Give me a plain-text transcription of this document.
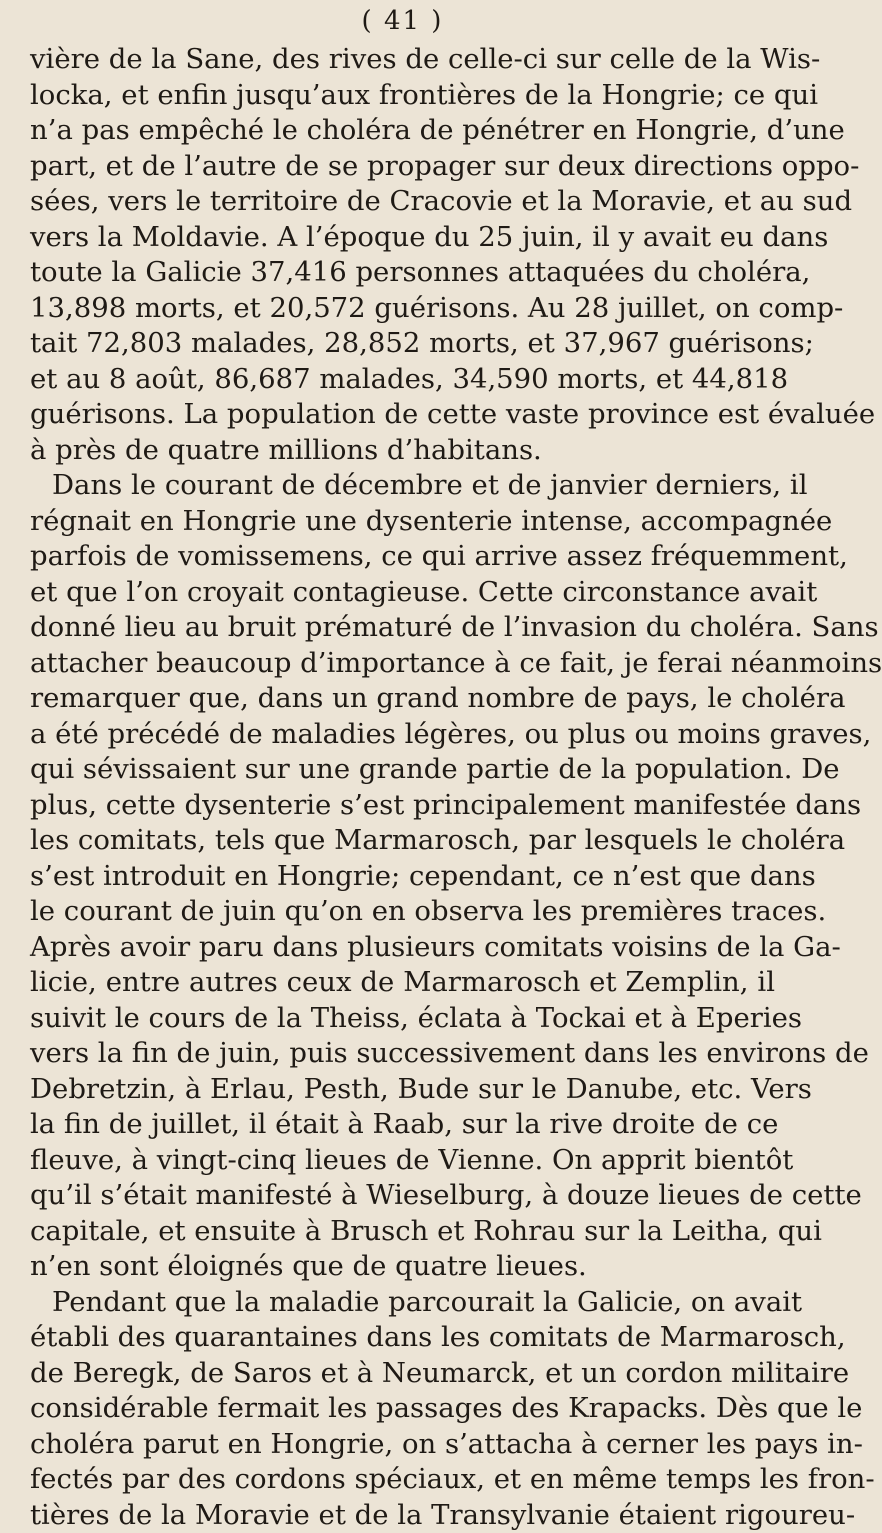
( 41 )
vière de la Sane, des rives de celle-ci sur celle de la Wis-
locka, et enfin jusqu’aux frontières de la Hongrie; ce qui
n’a pas empêché le choléra de pénétrer en Hongrie, d’une
part, et de l’autre de se propager sur deux directions oppo-
sées, vers le territoire de Cracovie et la Moravie, et au sud
vers la Moldavie. A l’époque du 25 juin, il y avait eu dans
toute la Galicie 37,416 personnes attaquées du choléra,
13,898 morts, et 20,572 guérisons. Au 28 juillet, on comp-
tait 72,803 malades, 28,852 morts, et 37,967 guérisons;
et au 8 août, 86,687 malades, 34,590 morts, et 44,818
guérisons. La population de cette vaste province est évaluée
à près de quatre millions d’habitans.
Dans le courant de décembre et de janvier derniers, il
régnait en Hongrie une dysenterie intense, accompagnée
parfois de vomissemens, ce qui arrive assez fréquemment,
et que l’on croyait contagieuse. Cette circonstance avait
donné lieu au bruit prématuré de l’invasion du choléra. Sans
attacher beaucoup d’importance à ce fait, je ferai néanmoins
remarquer que, dans un grand nombre de pays, le choléra
a été précédé de maladies légères, ou plus ou moins graves,
qui sévissaient sur une grande partie de la population. De
plus, cette dysenterie s’est principalement manifestée dans
les comitats, tels que Marmarosch, par lesquels le choléra
s’est introduit en Hongrie; cependant, ce n’est que dans
le courant de juin qu’on en observa les premières traces.
Après avoir paru dans plusieurs comitats voisins de la Ga-
licie, entre autres ceux de Marmarosch et Zemplin, il
suivit le cours de la Theiss, éclata à Tockai et à Eperies
vers la fin de juin, puis successivement dans les environs de
Debretzin, à Erlau, Pesth, Bude sur le Danube, etc. Vers
la fin de juillet, il était à Raab, sur la rive droite de ce
fleuve, à vingt-cinq lieues de Vienne. On apprit bientôt
qu’il s’était manifesté à Wieselburg, à douze lieues de cette
capitale, et ensuite à Brusch et Rohrau sur la Leitha, qui
n’en sont éloignés que de quatre lieues.
Pendant que la maladie parcourait la Galicie, on avait
établi des quarantaines dans les comitats de Marmarosch,
de Beregk, de Saros et à Neumarck, et un cordon militaire
considérable fermait les passages des Krapacks. Dès que le
choléra parut en Hongrie, on s’attacha à cerner les pays in-
fectés par des cordons spéciaux, et en même temps les fron-
tières de la Moravie et de la Transylvanie étaient rigoureu-
